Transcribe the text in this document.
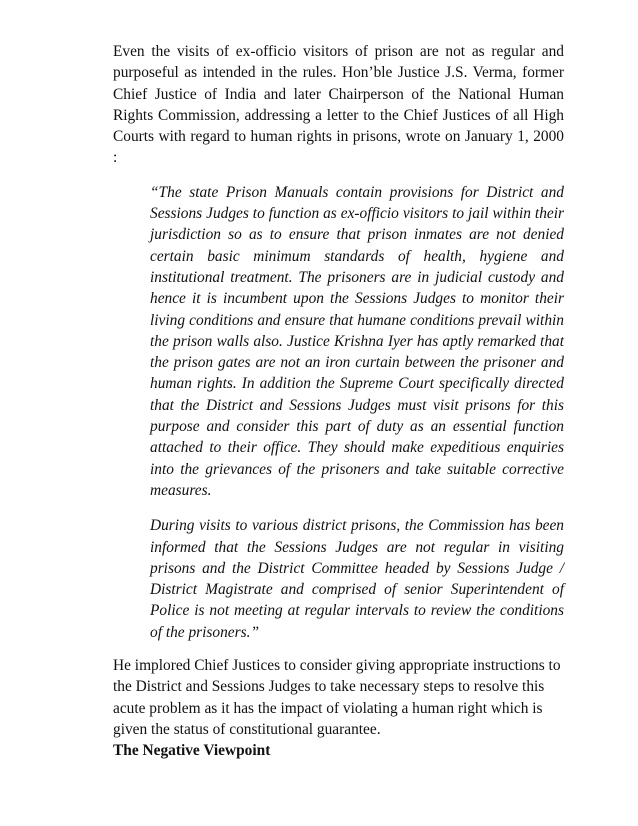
Even the visits of ex-officio visitors of prison are not as regular and purposeful as intended in the rules. Hon’ble Justice J.S. Verma, former Chief Justice of India and later Chairperson of the National Human Rights Commission, addressing a letter to the Chief Justices of all High Courts with regard to human rights in prisons, wrote on January 1, 2000 :

“The state Prison Manuals contain provisions for District and Sessions Judges to function as ex-officio visitors to jail within their jurisdiction so as to ensure that prison inmates are not denied certain basic minimum standards of health, hygiene and institutional treatment. The prisoners are in judicial custody and hence it is incumbent upon the Sessions Judges to monitor their living conditions and ensure that humane conditions prevail within the prison walls also. Justice Krishna Iyer has aptly remarked that the prison gates are not an iron curtain between the prisoner and human rights. In addition the Supreme Court specifically directed that the District and Sessions Judges must visit prisons for this purpose and consider this part of duty as an essential function attached to their office. They should make expeditious enquiries into the grievances of the prisoners and take suitable corrective measures.

During visits to various district prisons, the Commission has been informed that the Sessions Judges are not regular in visiting prisons and the District Committee headed by Sessions Judge / District Magistrate and comprised of senior Superintendent of Police is not meeting at regular intervals to review the conditions of the prisoners.”

He implored Chief Justices to consider giving appropriate instructions to the District and Sessions Judges to take necessary steps to resolve this acute problem as it has the impact of violating a human right which is given the status of constitutional guarantee.

The Negative Viewpoint
